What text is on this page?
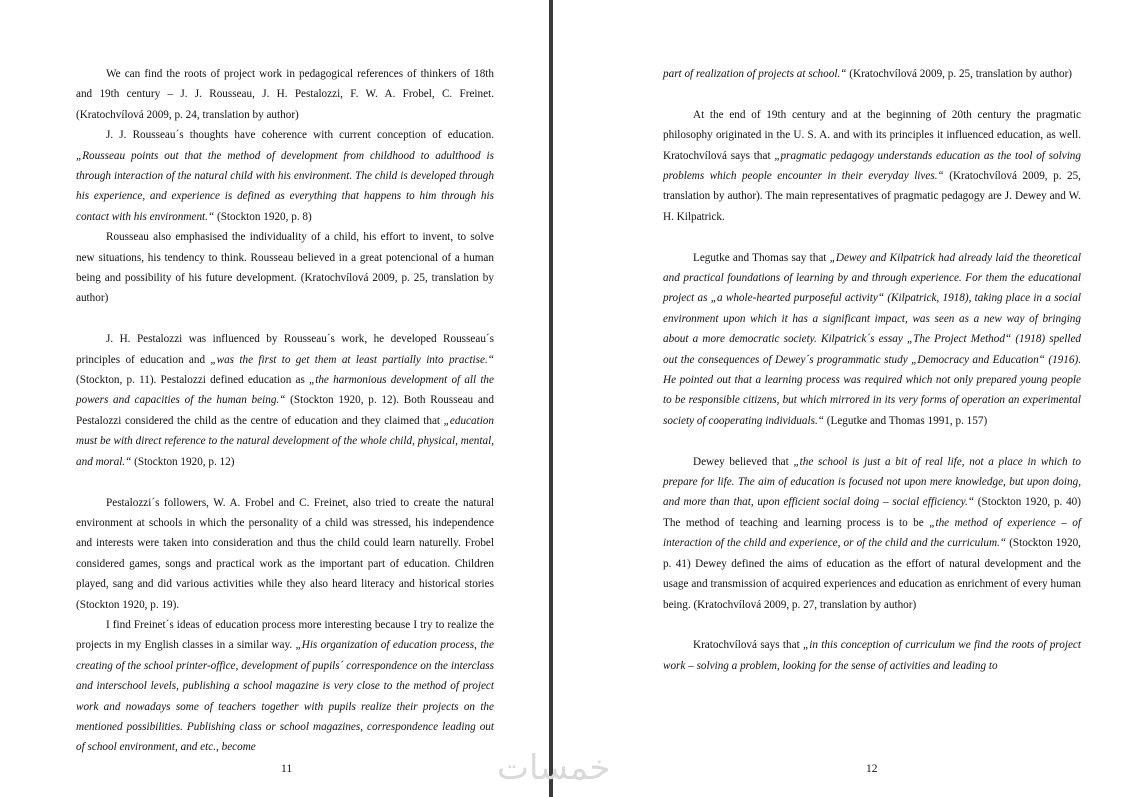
We can find the roots of project work in pedagogical references of thinkers of 18th and 19th century – J. J. Rousseau, J. H. Pestalozzi, F. W. A. Frobel, C. Freinet. (Kratochvílová 2009, p. 24, translation by author)

J. J. Rousseau´s thoughts have coherence with current conception of education. „Rousseau points out that the method of development from childhood to adulthood is through interaction of the natural child with his environment. The child is developed through his experience, and experience is defined as everything that happens to him through his contact with his environment.“ (Stockton 1920, p. 8)

Rousseau also emphasised the individuality of a child, his effort to invent, to solve new situations, his tendency to think. Rousseau believed in a great potencional of a human being and possibility of his future development. (Kratochvílová 2009, p. 25, translation by author)

J. H. Pestalozzi was influenced by Rousseau´s work, he developed Rousseau´s principles of education and „was the first to get them at least partially into practise.“ (Stockton, p. 11). Pestalozzi defined education as „the harmonious development of all the powers and capacities of the human being.“ (Stockton 1920, p. 12). Both Rousseau and Pestalozzi considered the child as the centre of education and they claimed that „education must be with direct reference to the natural development of the whole child, physical, mental, and moral.“ (Stockton 1920, p. 12)

Pestalozzi´s followers, W. A. Frobel and C. Freinet, also tried to create the natural environment at schools in which the personality of a child was stressed, his independence and interests were taken into consideration and thus the child could learn naturelly. Frobel considered games, songs and practical work as the important part of education. Children played, sang and did various activities while they also heard literacy and historical stories (Stockton 1920, p. 19).

I find Freinet´s ideas of education process more interesting because I try to realize the projects in my English classes in a similar way. „His organization of education process, the creating of the school printer-office, development of pupils´ correspondence on the interclass and interschool levels, publishing a school magazine is very close to the method of project work and nowadays some of teachers together with pupils realize their projects on the mentioned possibilities. Publishing class or school magazines, correspondence leading out of school environment, and etc., become

11

part of realization of projects at school.“ (Kratochvílová 2009, p. 25, translation by author)

At the end of 19th century and at the beginning of 20th century the pragmatic philosophy originated in the U. S. A. and with its principles it influenced education, as well. Kratochvílová says that „pragmatic pedagogy understands education as the tool of solving problems which people encounter in their everyday lives.“ (Kratochvílová 2009, p. 25, translation by author). The main representatives of pragmatic pedagogy are J. Dewey and W. H. Kilpatrick.

Legutke and Thomas say that „Dewey and Kilpatrick had already laid the theoretical and practical foundations of learning by and through experience. For them the educational project as „a whole-hearted purposeful activity“ (Kilpatrick, 1918), taking place in a social environment upon which it has a significant impact, was seen as a new way of bringing about a more democratic society. Kilpatrick´s essay „The Project Method“ (1918) spelled out the consequences of Dewey´s programmatic study „Democracy and Education“ (1916). He pointed out that a learning process was required which not only prepared young people to be responsible citizens, but which mirrored in its very forms of operation an experimental society of cooperating individuals.“ (Legutke and Thomas 1991, p. 157)

Dewey believed that „the school is just a bit of real life, not a place in which to prepare for life. The aim of education is focused not upon mere knowledge, but upon doing, and more than that, upon efficient social doing – social efficiency.“ (Stockton 1920, p. 40) The method of teaching and learning process is to be „the method of experience – of interaction of the child and experience, or of the child and the curriculum.“ (Stockton 1920, p. 41) Dewey defined the aims of education as the effort of natural development and the usage and transmission of acquired experiences and education as enrichment of every human being. (Kratochvílová 2009, p. 27, translation by author)

Kratochvílová says that „in this conception of curriculum we find the roots of project work – solving a problem, looking for the sense of activities and leading to

12
خمسات
